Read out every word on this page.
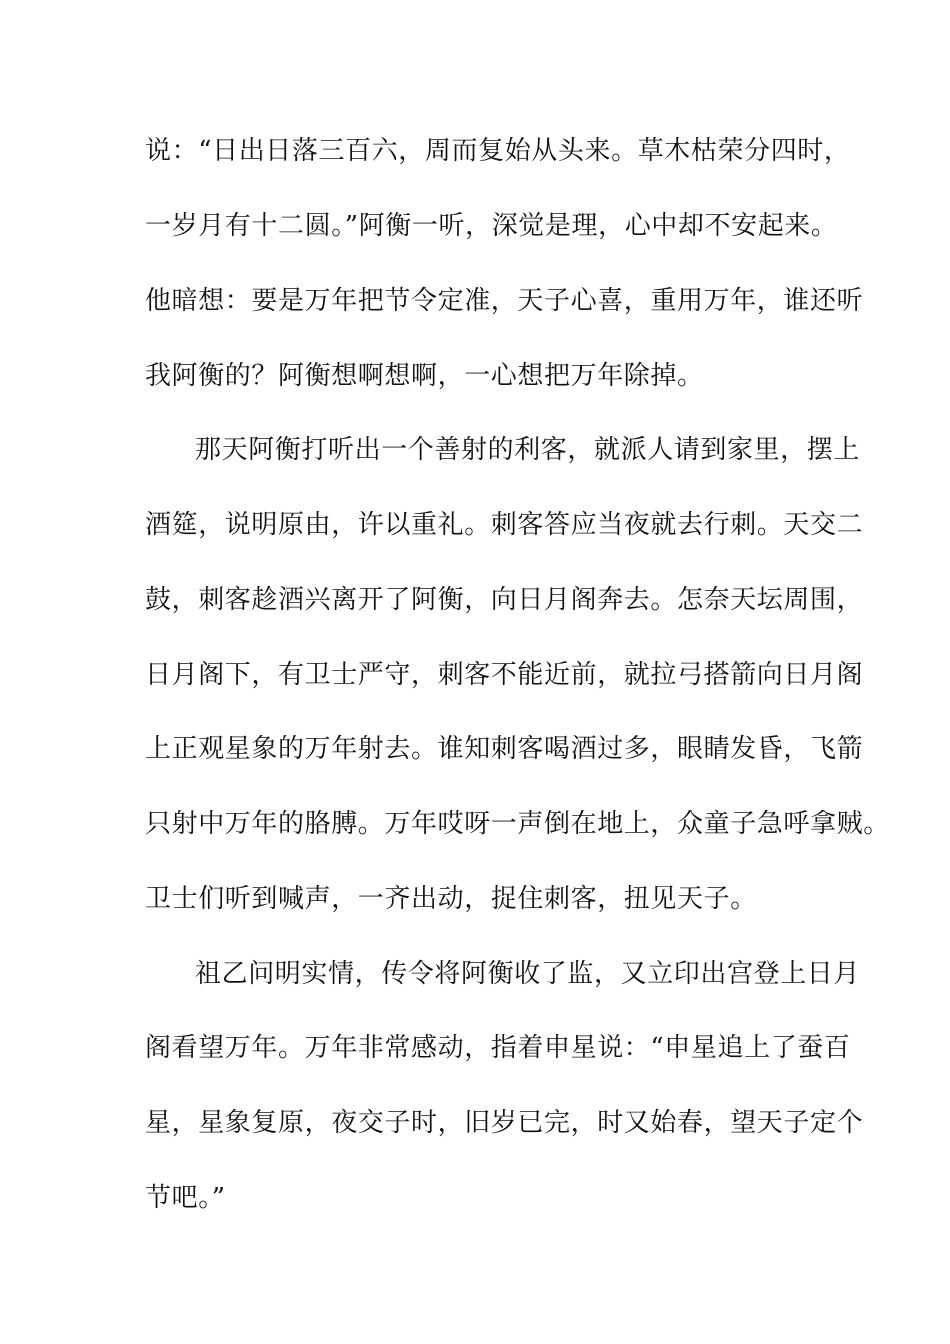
说：“日出日落三百六，周而复始从头来。草木枯荣分四时，
一岁月有十二圆。”阿衡一听，深觉是理，心中却不安起来。
他暗想：要是万年把节令定准，天子心喜，重用万年，谁还听
我阿衡的？阿衡想啊想啊，一心想把万年除掉。
那天阿衡打听出一个善射的利客，就派人请到家里，摆上
酒筵，说明原由，许以重礼。刺客答应当夜就去行刺。天交二
鼓，刺客趁酒兴离开了阿衡，向日月阁奔去。怎奈天坛周围，
日月阁下，有卫士严守，刺客不能近前，就拉弓搭箭向日月阁
上正观星象的万年射去。谁知刺客喝酒过多，眼睛发昏，飞箭
只射中万年的胳膊。万年哎呀一声倒在地上，众童子急呼拿贼。
卫士们听到喊声，一齐出动，捉住刺客，扭见天子。
祖乙问明实情，传令将阿衡收了监，又立印出宫登上日月
阁看望万年。万年非常感动，指着申星说：“申星追上了蚕百
星，星象复原，夜交子时，旧岁已完，时又始春，望天子定个
节吧。”
